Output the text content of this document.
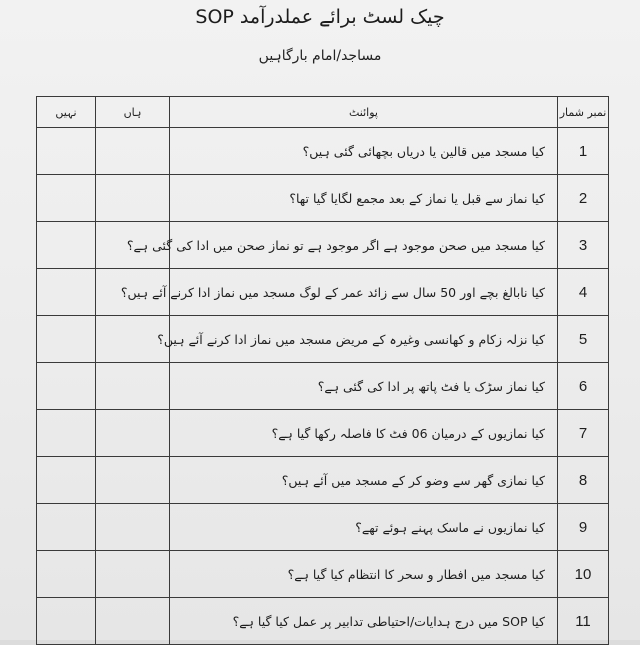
چیک لسٹ برائے عملدرآمد SOP
مساجد/امام بارگاہیں
نمبر شمار	پوائنٹ	ہاں	نہیں
1	کیا مسجد میں قالین یا دریاں بچھائی گئی ہیں؟		
2	کیا نماز سے قبل یا نماز کے بعد مجمع لگایا گیا تھا؟		
3	کیا مسجد میں صحن موجود ہے اگر موجود ہے تو نماز صحن میں ادا کی گئی ہے؟		
4	کیا نابالغ بچے اور 50 سال سے زائد عمر کے لوگ مسجد میں نماز ادا کرنے آئے ہیں؟		
5	کیا نزلہ زکام و کھانسی وغیرہ کے مریض مسجد میں نماز ادا کرنے آئے ہیں؟		
6	کیا نماز سڑک یا فٹ پاتھ پر ادا کی گئی ہے؟		
7	کیا نمازیوں کے درمیان 06 فٹ کا فاصلہ رکھا گیا ہے؟		
8	کیا نمازی گھر سے وضو کر کے مسجد میں آئے ہیں؟		
9	کیا نمازیوں نے ماسک پہنے ہوئے تھے؟		
10	کیا مسجد میں افطار و سحر کا انتظام کیا گیا ہے؟		
11	کیا SOP میں درج ہدایات/احتیاطی تدابیر پر عمل کیا گیا ہے؟		
